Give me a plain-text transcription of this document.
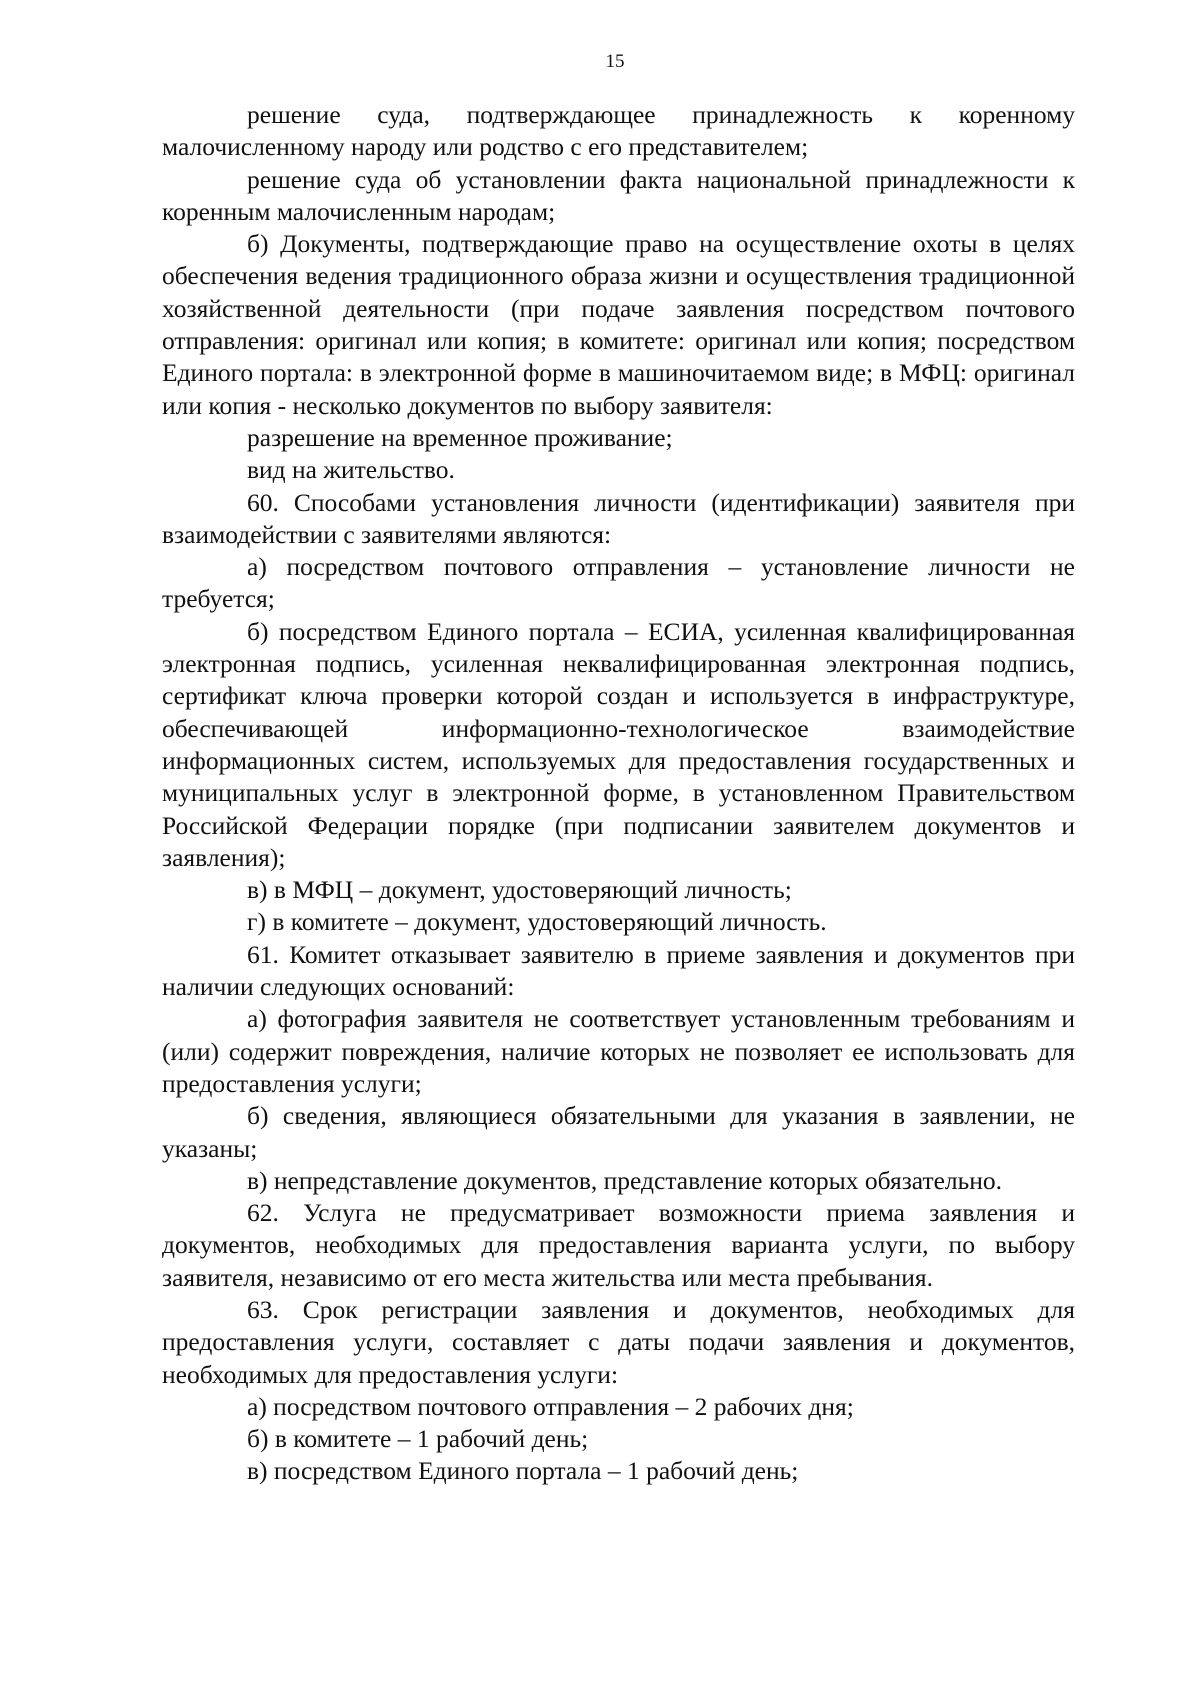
15

решение суда, подтверждающее принадлежность к коренному малочисленному народу или родство с его представителем;

решение суда об установлении факта национальной принадлежности к коренным малочисленным народам;

б) Документы, подтверждающие право на осуществление охоты в целях обеспечения ведения традиционного образа жизни и осуществления традиционной хозяйственной деятельности (при подаче заявления посредством почтового отправления: оригинал или копия; в комитете: оригинал или копия; посредством Единого портала: в электронной форме в машиночитаемом виде; в МФЦ: оригинал или копия - несколько документов по выбору заявителя:

разрешение на временное проживание;

вид на жительство.

60. Способами установления личности (идентификации) заявителя при взаимодействии с заявителями являются:

а) посредством почтового отправления – установление личности не требуется;

б) посредством Единого портала – ЕСИА, усиленная квалифицированная электронная подпись, усиленная неквалифицированная электронная подпись, сертификат ключа проверки которой создан и используется в инфраструктуре, обеспечивающей информационно-технологическое взаимодействие информационных систем, используемых для предоставления государственных и муниципальных услуг в электронной форме, в установленном Правительством Российской Федерации порядке (при подписании заявителем документов и заявления);

в) в МФЦ – документ, удостоверяющий личность;

г) в комитете – документ, удостоверяющий личность.

61. Комитет отказывает заявителю в приеме заявления и документов при наличии следующих оснований:

а) фотография заявителя не соответствует установленным требованиям и (или) содержит повреждения, наличие которых не позволяет ее использовать для предоставления услуги;

б) сведения, являющиеся обязательными для указания в заявлении, не указаны;

в) непредставление документов, представление которых обязательно.

62. Услуга не предусматривает возможности приема заявления и документов, необходимых для предоставления варианта услуги, по выбору заявителя, независимо от его места жительства или места пребывания.

63. Срок регистрации заявления и документов, необходимых для предоставления услуги, составляет с даты подачи заявления и документов, необходимых для предоставления услуги:

а) посредством почтового отправления – 2 рабочих дня;

б) в комитете – 1 рабочий день;

в) посредством Единого портала – 1 рабочий день;
